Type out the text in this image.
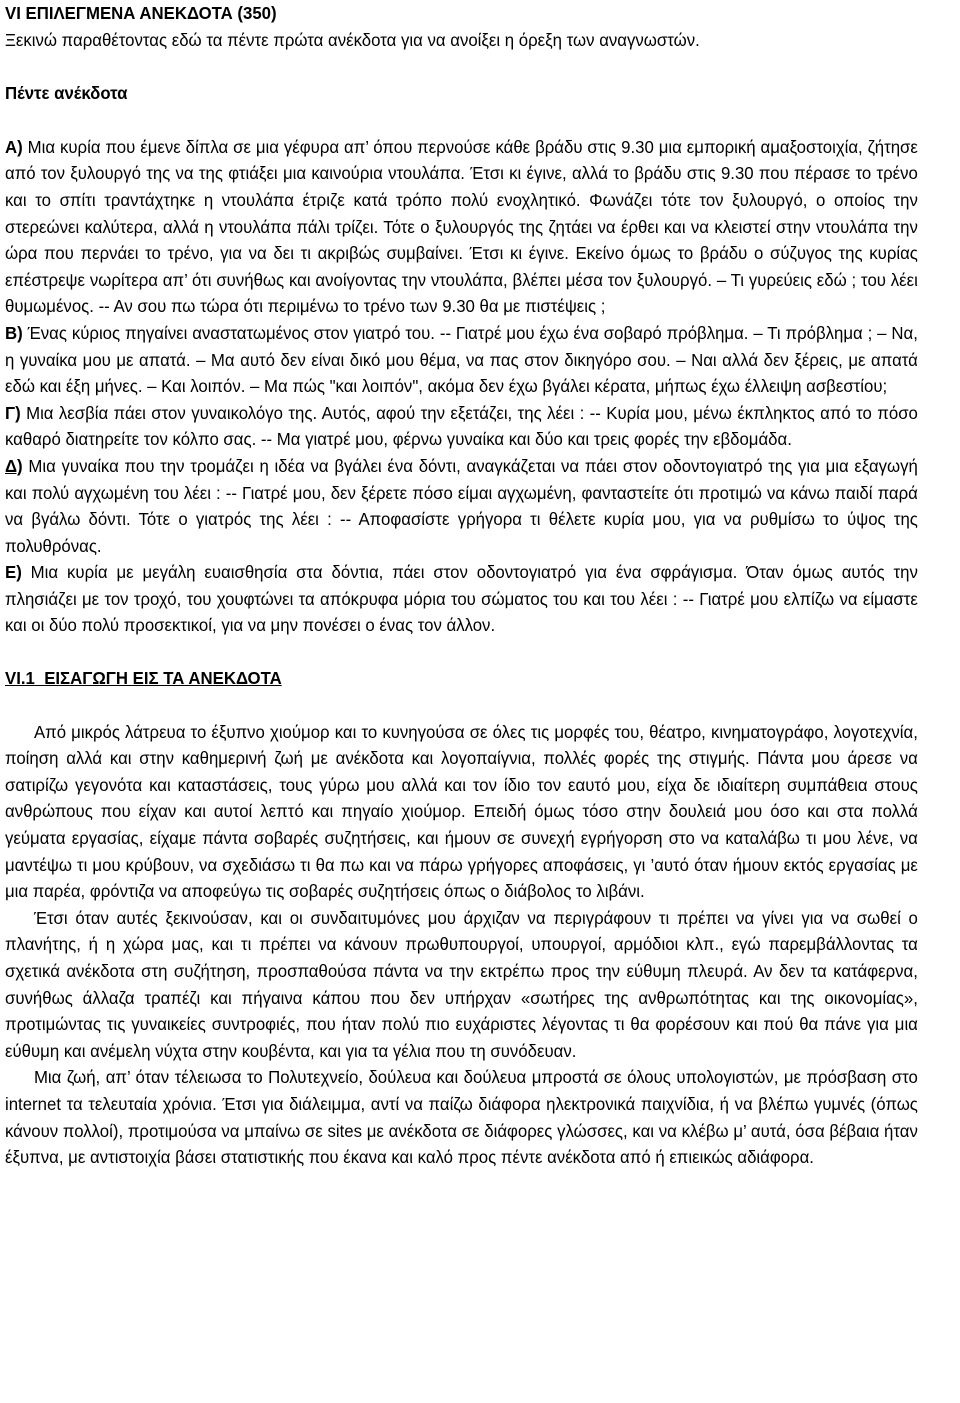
VI ΕΠΙΛΕΓΜΕΝΑ ΑΝΕΚΔΟΤΑ (350)

Ξεκινώ παραθέτοντας εδώ τα πέντε πρώτα ανέκδοτα για να ανοίξει η όρεξη των αναγνωστών.

Πέντε ανέκδοτα

Α) Μια κυρία που έμενε δίπλα σε μια γέφυρα απ’ όπου περνούσε κάθε βράδυ στις 9.30 μια εμπορική αμαξοστοιχία, ζήτησε από τον ξυλουργό της να της φτιάξει μια καινούρια ντουλάπα. Έτσι κι έγινε, αλλά το βράδυ στις 9.30 που πέρασε το τρένο και το σπίτι τραντάχτηκε η ντουλάπα έτριζε κατά τρόπο πολύ ενοχλητικό. Φωνάζει τότε τον ξυλουργό, ο οποίος την στερεώνει καλύτερα, αλλά η ντουλάπα πάλι τρίζει. Τότε ο ξυλουργός της ζητάει να έρθει και να κλειστεί στην ντουλάπα την ώρα που περνάει το τρένο, για να δει τι ακριβώς συμβαίνει. Έτσι κι έγινε. Εκείνο όμως το βράδυ ο σύζυγος της κυρίας επέστρεψε νωρίτερα απ’ ότι συνήθως και ανοίγοντας την ντουλάπα, βλέπει μέσα τον ξυλουργό. – Τι γυρεύεις εδώ ; του λέει θυμωμένος. -- Αν σου πω τώρα ότι περιμένω το τρένο των 9.30 θα με πιστέψεις ;

Β) Ένας κύριος πηγαίνει αναστατωμένος στον γιατρό του. -- Γιατρέ μου έχω ένα σοβαρό πρόβλημα. – Τι πρόβλημα ; – Να, η γυναίκα μου με απατά. – Μα αυτό δεν είναι δικό μου θέμα, να πας στον δικηγόρο σου. – Ναι αλλά δεν ξέρεις, με απατά εδώ και έξη μήνες. – Και λοιπόν. – Μα πώς "και λοιπόν", ακόμα δεν έχω βγάλει κέρατα, μήπως έχω έλλειψη ασβεστίου;

Γ) Μια λεσβία πάει στον γυναικολόγο της. Αυτός, αφού την εξετάζει, της λέει : -- Κυρία μου, μένω έκπληκτος από το πόσο καθαρό διατηρείτε τον κόλπο σας. -- Μα γιατρέ μου, φέρνω γυναίκα και δύο και τρεις φορές την εβδομάδα.

Δ) Μια γυναίκα που την τρομάζει η ιδέα να βγάλει ένα δόντι, αναγκάζεται να πάει στον οδοντογιατρό της για μια εξαγωγή και πολύ αγχωμένη του λέει : -- Γιατρέ μου, δεν ξέρετε πόσο είμαι αγχωμένη, φανταστείτε ότι προτιμώ να κάνω παιδί παρά να βγάλω δόντι. Τότε ο γιατρός της λέει : -- Αποφασίστε γρήγορα τι θέλετε κυρία μου, για να ρυθμίσω το ύψος της πολυθρόνας.

Ε) Μια κυρία με μεγάλη ευαισθησία στα δόντια, πάει στον οδοντογιατρό για ένα σφράγισμα. Όταν όμως αυτός την πλησιάζει με τον τροχό, του χουφτώνει τα απόκρυφα μόρια του σώματος του και του λέει : -- Γιατρέ μου ελπίζω να είμαστε και οι δύο πολύ προσεκτικοί, για να μην πονέσει ο ένας τον άλλον.

VI.1 ΕΙΣΑΓΩΓΗ ΕΙΣ ΤΑ ΑΝΕΚΔΟΤΑ

Από μικρός λάτρευα το έξυπνο χιούμορ και το κυνηγούσα σε όλες τις μορφές του, θέατρο, κινηματογράφο, λογοτεχνία, ποίηση αλλά και στην καθημερινή ζωή με ανέκδοτα και λογοπαίγνια, πολλές φορές της στιγμής. Πάντα μου άρεσε να σατιρίζω γεγονότα και καταστάσεις, τους γύρω μου αλλά και τον ίδιο τον εαυτό μου, είχα δε ιδιαίτερη συμπάθεια στους ανθρώπους που είχαν και αυτοί λεπτό και πηγαίο χιούμορ. Επειδή όμως τόσο στην δουλειά μου όσο και στα πολλά γεύματα εργασίας, είχαμε πάντα σοβαρές συζητήσεις, και ήμουν σε συνεχή εγρήγορση στο να καταλάβω τι μου λένε, να μαντέψω τι μου κρύβουν, να σχεδιάσω τι θα πω και να πάρω γρήγορες αποφάσεις, γι ’αυτό όταν ήμουν εκτός εργασίας με μια παρέα, φρόντιζα να αποφεύγω τις σοβαρές συζητήσεις όπως ο διάβολος το λιβάνι.

Έτσι όταν αυτές ξεκινούσαν, και οι συνδαιτυμόνες μου άρχιζαν να περιγράφουν τι πρέπει να γίνει για να σωθεί ο πλανήτης, ή η χώρα μας, και τι πρέπει να κάνουν πρωθυπουργοί, υπουργοί, αρμόδιοι κλπ., εγώ παρεμβάλλοντας τα σχετικά ανέκδοτα στη συζήτηση, προσπαθούσα πάντα να την εκτρέπω προς την εύθυμη πλευρά. Αν δεν τα κατάφερνα, συνήθως άλλαζα τραπέζι και πήγαινα κάπου που δεν υπήρχαν «σωτήρες της ανθρωπότητας και της οικονομίας», προτιμώντας τις γυναικείες συντροφιές, που ήταν πολύ πιο ευχάριστες λέγοντας τι θα φορέσουν και πού θα πάνε για μια εύθυμη και ανέμελη νύχτα στην κουβέντα, και για τα γέλια που τη συνόδευαν.

Μια ζωή, απ’ όταν τέλειωσα το Πολυτεχνείο, δούλευα και δούλευα μπροστά σε όλους υπολογιστών, με πρόσβαση στο internet τα τελευταία χρόνια. Έτσι για διάλειμμα, αντί να παίζω διάφορα ηλεκτρονικά παιχνίδια, ή να βλέπω γυμνές (όπως κάνουν πολλοί), προτιμούσα να μπαίνω σε sites με ανέκδοτα σε διάφορες γλώσσες, και να κλέβω μ’ αυτά, όσα βέβαια ήταν έξυπνα, με αντιστοιχία βάσει στατιστικής που έκανα και καλό προς πέντε ανέκδοτα από ή επιεικώς αδιάφορα.
